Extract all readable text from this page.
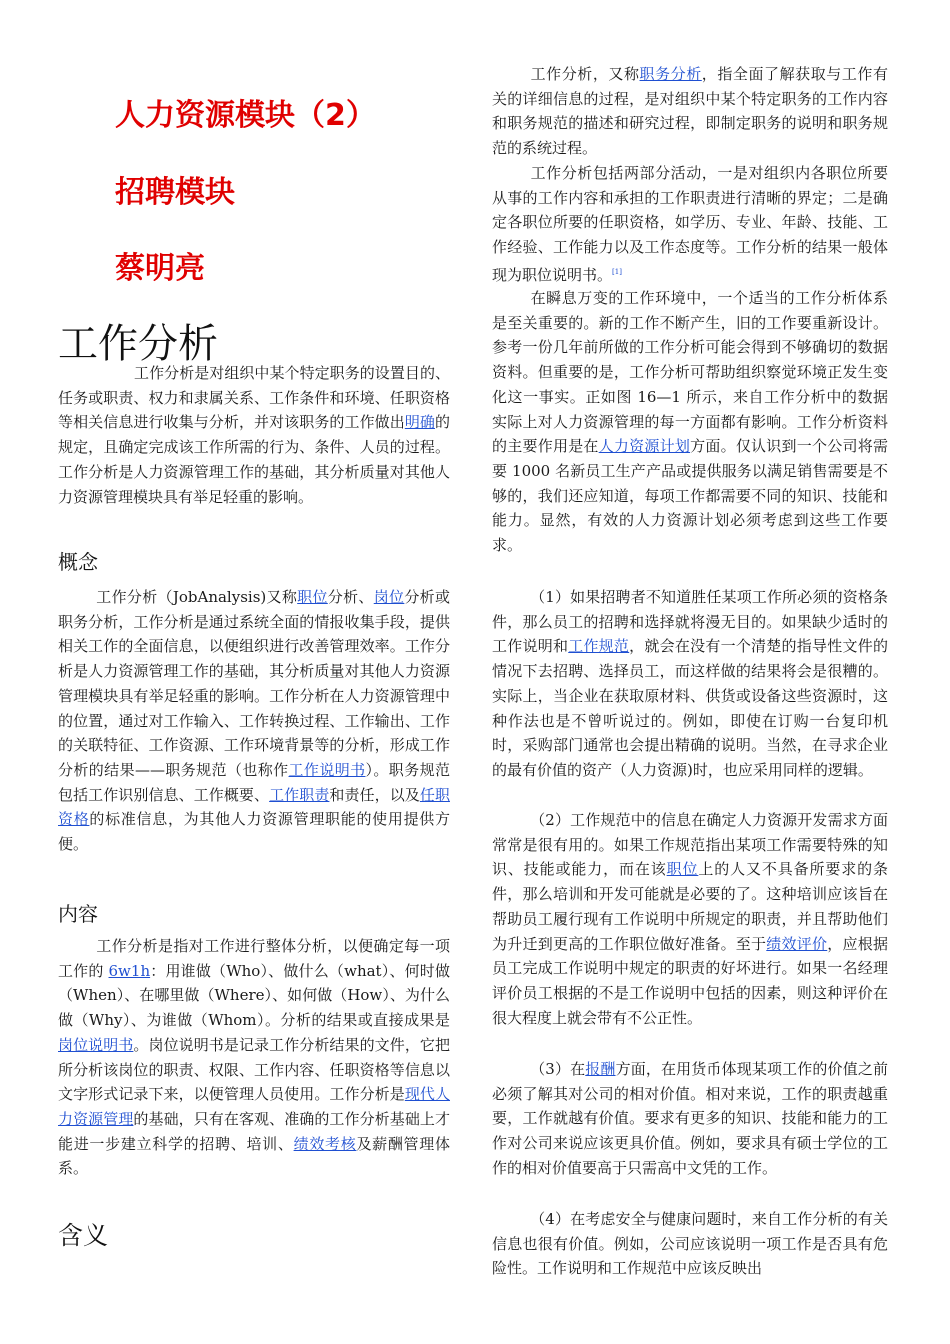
人力资源模块（2）
招聘模块
蔡明亮
工作分析

工作分析是对组织中某个特定职务的设置目的、任务或职责、权力和隶属关系、工作条件和环境、任职资格等相关信息进行收集与分析，并对该职务的工作做出明确的规定，且确定完成该工作所需的行为、条件、人员的过程。工作分析是人力资源管理工作的基础，其分析质量对其他人力资源管理模块具有举足轻重的影响。

概念

工作分析（JobAnalysis)又称职位分析、岗位分析或职务分析，工作分析是通过系统全面的情报收集手段，提供相关工作的全面信息，以便组织进行改善管理效率。工作分析是人力资源管理工作的基础，其分析质量对其他人力资源管理模块具有举足轻重的影响。工作分析在人力资源管理中的位置，通过对工作输入、工作转换过程、工作输出、工作的关联特征、工作资源、工作环境背景等的分析，形成工作分析的结果——职务规范（也称作工作说明书）。职务规范包括工作识别信息、工作概要、工作职责和责任，以及任职资格的标准信息，为其他人力资源管理职能的使用提供方便。

内容

工作分析是指对工作进行整体分析，以便确定每一项工作的 6w1h：用谁做（Who）、做什么（what）、何时做（When）、在哪里做（Where）、如何做（How）、为什么做（Why）、为谁做（Whom）。分析的结果或直接成果是岗位说明书。岗位说明书是记录工作分析结果的文件，它把所分析该岗位的职责、权限、工作内容、任职资格等信息以文字形式记录下来，以便管理人员使用。工作分析是现代人力资源管理的基础，只有在客观、准确的工作分析基础上才能进一步建立科学的招聘、培训、绩效考核及薪酬管理体系。

含义

工作分析，又称职务分析，指全面了解获取与工作有关的详细信息的过程，是对组织中某个特定职务的工作内容和职务规范的描述和研究过程，即制定职务的说明和职务规范的系统过程。

工作分析包括两部分活动，一是对组织内各职位所要从事的工作内容和承担的工作职责进行清晰的界定；二是确定各职位所要的任职资格，如学历、专业、年龄、技能、工作经验、工作能力以及工作态度等。工作分析的结果一般体现为职位说明书。[1]

在瞬息万变的工作环境中，一个适当的工作分析体系是至关重要的。新的工作不断产生，旧的工作要重新设计。参考一份几年前所做的工作分析可能会得到不够确切的数据资料。但重要的是，工作分析可帮助组织察觉环境正发生变化这一事实。正如图 16—1 所示，来自工作分析中的数据实际上对人力资源管理的每一方面都有影响。工作分析资料的主要作用是在人力资源计划方面。仅认识到一个公司将需要 1000 名新员工生产产品或提供服务以满足销售需要是不够的，我们还应知道，每项工作都需要不同的知识、技能和能力。显然，有效的人力资源计划必须考虑到这些工作要求。

（1）如果招聘者不知道胜任某项工作所必须的资格条件，那么员工的招聘和选择就将漫无目的。如果缺少适时的工作说明和工作规范，就会在没有一个清楚的指导性文件的情况下去招聘、选择员工，而这样做的结果将会是很糟的。实际上，当企业在获取原材料、供货或设备这些资源时，这种作法也是不曾听说过的。例如，即使在订购一台复印机时，采购部门通常也会提出精确的说明。当然，在寻求企业的最有价值的资产（人力资源)时，也应采用同样的逻辑。

（2）工作规范中的信息在确定人力资源开发需求方面常常是很有用的。如果工作规范指出某项工作需要特殊的知识、技能或能力，而在该职位上的人又不具备所要求的条件，那么培训和开发可能就是必要的了。这种培训应该旨在帮助员工履行现有工作说明中所规定的职责，并且帮助他们为升迁到更高的工作职位做好准备。至于绩效评价，应根据员工完成工作说明中规定的职责的好坏进行。如果一名经理评价员工根据的不是工作说明中包括的因素，则这种评价在很大程度上就会带有不公正性。

（3）在报酬方面，在用货币体现某项工作的价值之前必须了解其对公司的相对价值。相对来说，工作的职责越重要，工作就越有价值。要求有更多的知识、技能和能力的工作对公司来说应该更具价值。例如，要求具有硕士学位的工作的相对价值要高于只需高中文凭的工作。

（4）在考虑安全与健康问题时，来自工作分析的有关信息也很有价值。例如，公司应该说明一项工作是否具有危险性。工作说明和工作规范中应该反映出
